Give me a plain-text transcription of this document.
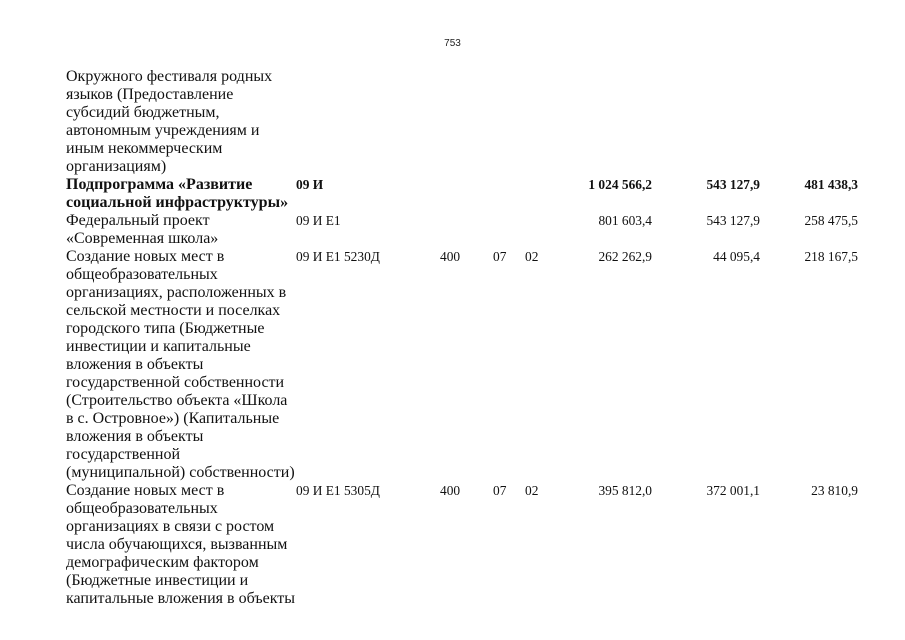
753
Окружного фестиваля родных
языков (Предоставление
субсидий бюджетным,
автономным учреждениям и
иным некоммерческим
организациям)
Подпрограмма «Развитие
социальной инфраструктуры»
09 И	1 024 566,2	543 127,9	481 438,3
Федеральный проект
«Современная школа»
09 И E1	801 603,4	543 127,9	258 475,5
Создание новых мест в
общеобразовательных
организациях, расположенных в
сельской местности и поселках
городского типа (Бюджетные
инвестиции и капитальные
вложения в объекты
государственной собственности
(Строительство объекта «Школа
в с. Островное») (Капитальные
вложения в объекты
государственной
(муниципальной) собственности)
09 И E1 5230Д	400 07 02	262 262,9	44 095,4	218 167,5
Создание новых мест в
общеобразовательных
организациях в связи с ростом
числа обучающихся, вызванным
демографическим фактором
(Бюджетные инвестиции и
капитальные вложения в объекты
09 И E1 5305Д	400 07 02	395 812,0	372 001,1	23 810,9
